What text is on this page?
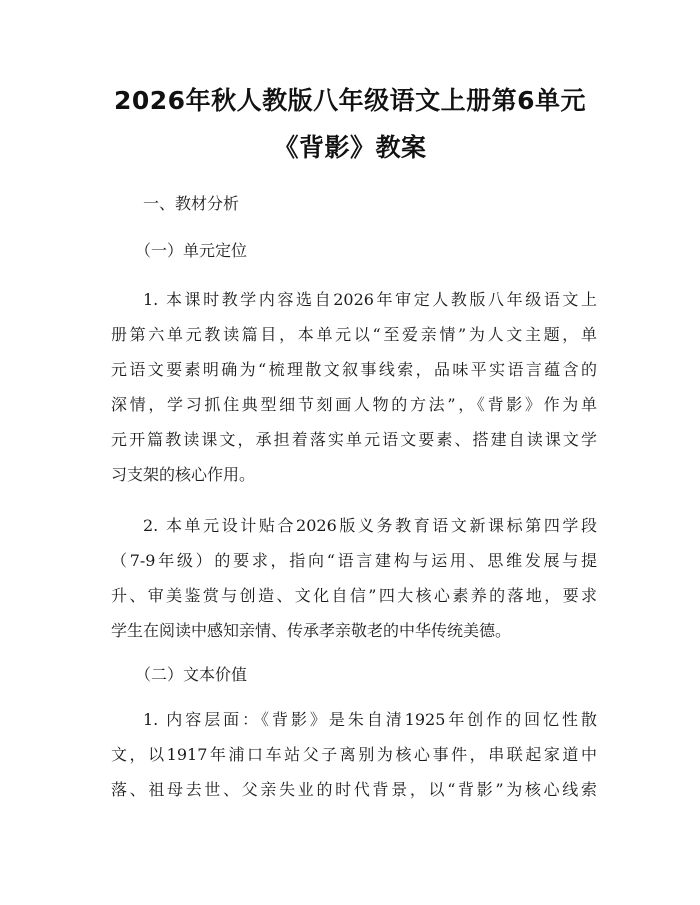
2026年秋人教版八年级语文上册第6单元
《背影》教案
一、教材分析
（一）单元定位
1. 本课时教学内容选自2026年审定人教版八年级语文上
册第六单元教读篇目，本单元以“至爱亲情”为人文主题，单
元语文要素明确为“梳理散文叙事线索，品味平实语言蕴含的
深情，学习抓住典型细节刻画人物的方法”，《背影》作为单
元开篇教读课文，承担着落实单元语文要素、搭建自读课文学
习支架的核心作用。
2. 本单元设计贴合2026版义务教育语文新课标第四学段
（7-9年级）的要求，指向“语言建构与运用、思维发展与提
升、审美鉴赏与创造、文化自信”四大核心素养的落地，要求
学生在阅读中感知亲情、传承孝亲敬老的中华传统美德。
（二）文本价值
1. 内容层面：《背影》是朱自清1925年创作的回忆性散
文，以1917年浦口车站父子离别为核心事件，串联起家道中
落、祖母去世、父亲失业的时代背景，以“背影”为核心线索
